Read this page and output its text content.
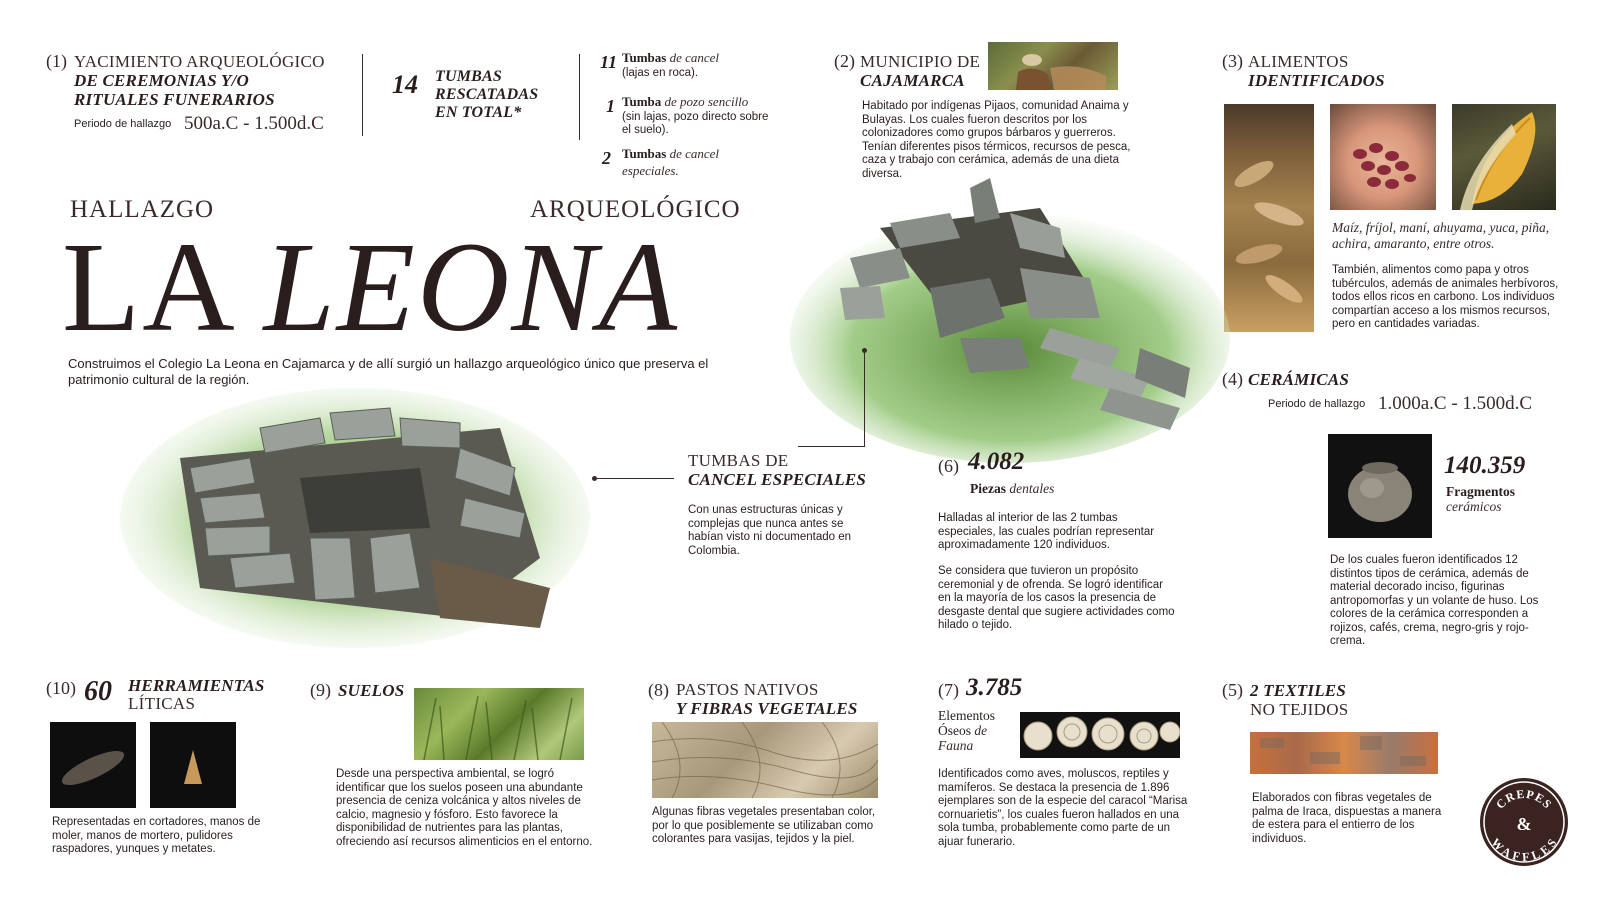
(1) YACIMIENTO ARQUEOLÓGICO
DE CEREMONIAS Y/O
RITUALES FUNERARIOS
Periodo de hallazgo 500a.C - 1.500d.C
14 TUMBAS
RESCATADAS
EN TOTAL*
11 Tumbas de cancel
(lajas en roca).
1 Tumba de pozo sencillo
(sin lajas, pozo directo sobre el suelo).
2 Tumbas de cancel
especiales.
(2) MUNICIPIO DE
CAJAMARCA
Habitado por indígenas Pijaos, comunidad Anaima y Bulayas. Los cuales fueron descritos por los colonizadores como grupos bárbaros y guerreros. Tenían diferentes pisos térmicos, recursos de pesca, caza y trabajo con cerámica, además de una dieta diversa.
(3) ALIMENTOS
IDENTIFICADOS
Maíz, fríjol, maní, ahuyama, yuca, piña, achira, amaranto, entre otros.
También, alimentos como papa y otros tubérculos, además de animales herbívoros, todos ellos ricos en carbono. Los individuos compartían acceso a los mismos recursos, pero en cantidades variadas.
HALLAZGO	ARQUEOLÓGICO
LA LEONA
Construimos el Colegio La Leona en Cajamarca y de allí surgió un hallazgo arqueológico único que preserva el patrimonio cultural de la región.
TUMBAS DE
CANCEL ESPECIALES
Con unas estructuras únicas y complejas que nunca antes se habían visto ni documentado en Colombia.
(6) 4.082
Piezas dentales
Halladas al interior de las 2 tumbas especiales, las cuales podrían representar aproximadamente 120 individuos.
Se considera que tuvieron un propósito ceremonial y de ofrenda. Se logró identificar en la mayoría de los casos la presencia de desgaste dental que sugiere actividades como hilado o tejido.
(4) CERÁMICAS
Periodo de hallazgo 1.000a.C - 1.500d.C
140.359
Fragmentos
cerámicos
De los cuales fueron identificados 12 distintos tipos de cerámica, además de material decorado inciso, figurinas antropomorfas y un volante de huso. Los colores de la cerámica corresponden a rojizos, cafés, crema, negro-gris y rojo-crema.
(10) 60 HERRAMIENTAS
LÍTICAS
Representadas en cortadores, manos de moler, manos de mortero, pulidores raspadores, yunques y metates.
(9) SUELOS
Desde una perspectiva ambiental, se logró identificar que los suelos poseen una abundante presencia de ceniza volcánica y altos niveles de calcio, magnesio y fósforo. Esto favorece la disponibilidad de nutrientes para las plantas, ofreciendo así recursos alimenticios en el entorno.
(8) PASTOS NATIVOS
Y FIBRAS VEGETALES
Algunas fibras vegetales presentaban color, por lo que posiblemente se utilizaban como colorantes para vasijas, tejidos y la piel.
(7) 3.785
Elementos
Óseos de
Fauna
Identificados como aves, moluscos, reptiles y mamíferos. Se destaca la presencia de 1.896 ejemplares son de la especie del caracol “Marisa cornuarietis”, los cuales fueron hallados en una sola tumba, probablemente como parte de un ajuar funerario.
(5) 2 TEXTILES
NO TEJIDOS
Elaborados con fibras vegetales de palma de Iraca, dispuestas a manera de estera para el entierro de los individuos.
CREPES
&
WAFFLES
